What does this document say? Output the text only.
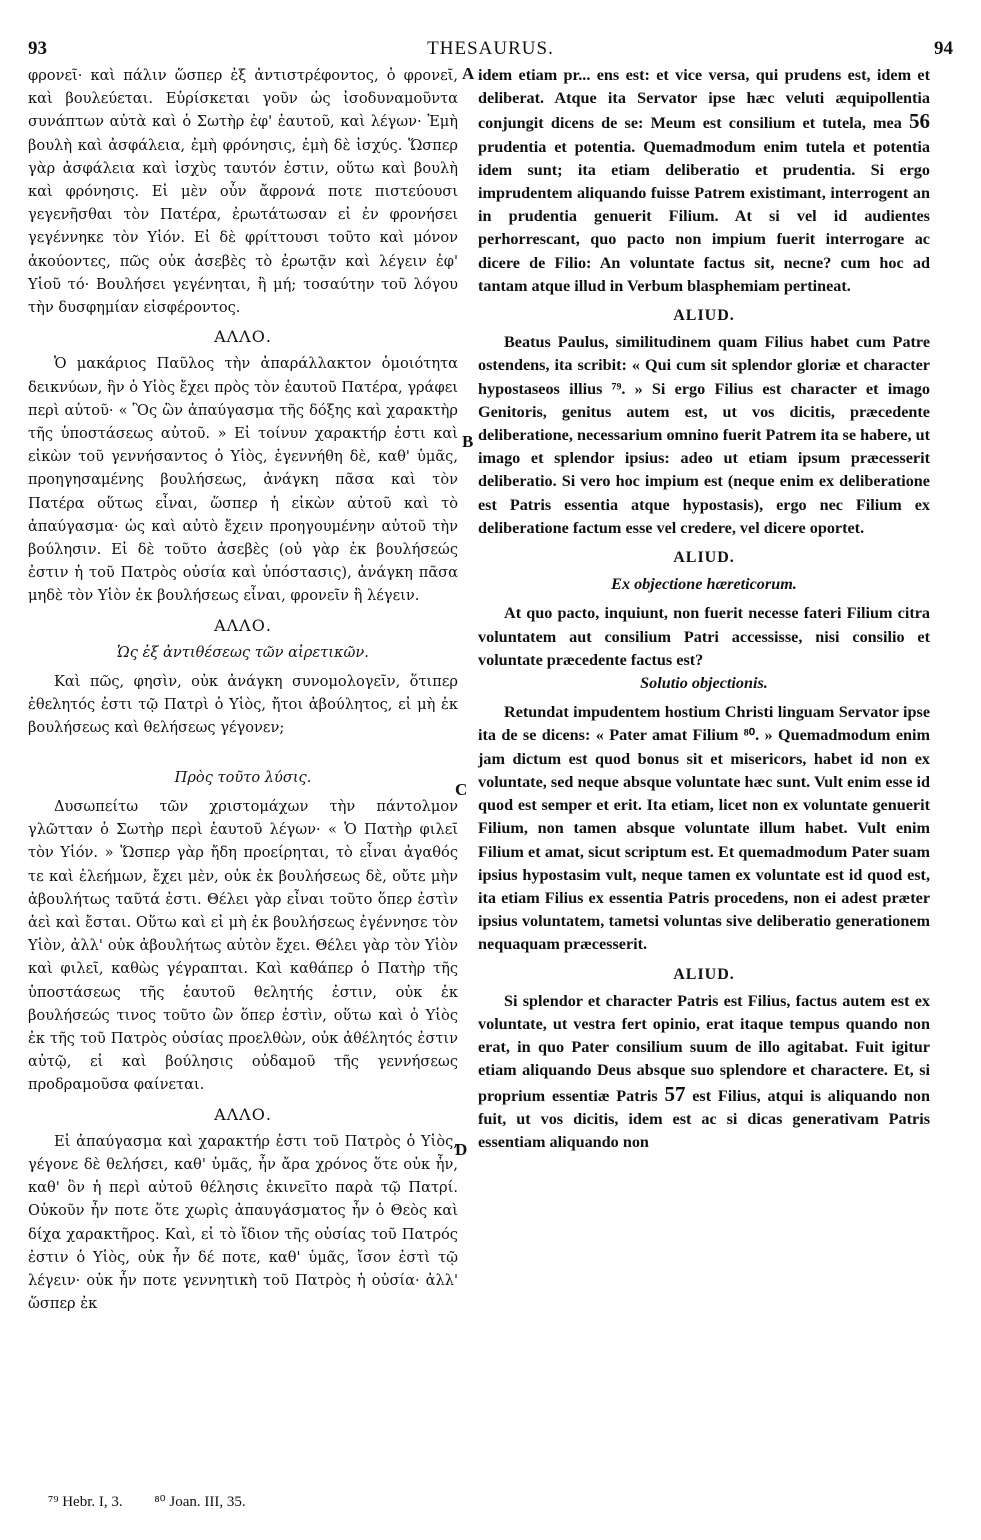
93	THESAURUS.	94
A
B
C
D

φρονεῖ· καὶ πάλιν ὥσπερ ἐξ ἀντιστρέφοντος, ὁ φρονεῖ, καὶ βουλεύεται. Εὑρίσκεται γοῦν ὡς ἰσοδυναμοῦντα συνάπτων αὐτὰ καὶ ὁ Σωτὴρ ἐφ' ἑαυτοῦ, καὶ λέγων· Ἐμὴ βουλὴ καὶ ἀσφάλεια, ἐμὴ φρόνησις, ἐμὴ δὲ ἰσχύς. Ὥσπερ γὰρ ἀσφάλεια καὶ ἰσχὺς ταυτόν ἐστιν, οὕτω καὶ βουλὴ καὶ φρόνησις. Εἰ μὲν οὖν ἄφρονά ποτε πιστεύουσι γεγενῆσθαι τὸν Πατέρα, ἐρωτάτωσαν εἰ ἐν φρονήσει γεγέννηκε τὸν Υἱόν. Εἰ δὲ φρίττουσι τοῦτο καὶ μόνον ἀκούοντες, πῶς οὐκ ἀσεβὲς τὸ ἐρωτᾷν καὶ λέγειν ἐφ' Υἱοῦ τό· Βουλήσει γεγένηται, ἢ μή; τοσαύτην τοῦ λόγου τὴν δυσφημίαν εἰσφέροντος.

ΑΛΛΟ.

Ὁ μακάριος Παῦλος τὴν ἀπαράλλακτον ὁμοιότητα δεικνύων, ἣν ὁ Υἱὸς ἔχει πρὸς τὸν ἑαυτοῦ Πατέρα, γράφει περὶ αὐτοῦ· « Ὃς ὢν ἀπαύγασμα τῆς δόξης καὶ χαρακτὴρ τῆς ὑποστάσεως αὐτοῦ. » Εἰ τοίνυν χαρακτήρ ἐστι καὶ εἰκὼν τοῦ γεννήσαντος ὁ Υἱὸς, ἐγεννήθη δὲ, καθ' ὑμᾶς, προηγησαμένης βουλήσεως, ἀνάγκη πᾶσα καὶ τὸν Πατέρα οὕτως εἶναι, ὥσπερ ἡ εἰκὼν αὐτοῦ καὶ τὸ ἀπαύγασμα· ὡς καὶ αὐτὸ ἔχειν προηγουμένην αὐτοῦ τὴν βούλησιν. Εἰ δὲ τοῦτο ἀσεβὲς (οὐ γὰρ ἐκ βουλήσεώς ἐστιν ἡ τοῦ Πατρὸς οὐσία καὶ ὑπόστασις), ἀνάγκη πᾶσα μηδὲ τὸν Υἱὸν ἐκ βουλήσεως εἶναι, φρονεῖν ἢ λέγειν.

ΑΛΛΟ.
Ὡς ἐξ ἀντιθέσεως τῶν αἱρετικῶν.

Καὶ πῶς, φησὶν, οὐκ ἀνάγκη συνομολογεῖν, ὅτιπερ ἐθελητός ἐστι τῷ Πατρὶ ὁ Υἱὸς, ἤτοι ἀβούλητος, εἰ μὴ ἐκ βουλήσεως καὶ θελήσεως γέγονεν;

Πρὸς τοῦτο λύσις.

Δυσωπείτω τῶν χριστομάχων τὴν πάντολμον γλῶτταν ὁ Σωτὴρ περὶ ἑαυτοῦ λέγων· « Ὁ Πατὴρ φιλεῖ τὸν Υἱόν. » Ὥσπερ γὰρ ἤδη προείρηται, τὸ εἶναι ἀγαθός τε καὶ ἐλεήμων, ἔχει μὲν, οὐκ ἐκ βουλήσεως δὲ, οὔτε μὴν ἀβουλήτως ταῦτά ἐστι. Θέλει γὰρ εἶναι τοῦτο ὅπερ ἐστὶν ἀεὶ καὶ ἔσται. Οὕτω καὶ εἰ μὴ ἐκ βουλήσεως ἐγέννησε τὸν Υἱὸν, ἀλλ' οὐκ ἀβουλήτως αὐτὸν ἔχει. Θέλει γὰρ τὸν Υἱὸν καὶ φιλεῖ, καθὼς γέγραπται. Καὶ καθάπερ ὁ Πατὴρ τῆς ὑποστάσεως τῆς ἑαυτοῦ θελητής ἐστιν, οὐκ ἐκ βουλήσεώς τινος τοῦτο ὢν ὅπερ ἐστὶν, οὕτω καὶ ὁ Υἱὸς ἐκ τῆς τοῦ Πατρὸς οὐσίας προελθὼν, οὐκ ἀθέλητός ἐστιν αὐτῷ, εἰ καὶ βούλησις οὐδαμοῦ τῆς γεννήσεως προδραμοῦσα φαίνεται.

ΑΛΛΟ.

Εἰ ἀπαύγασμα καὶ χαρακτήρ ἐστι τοῦ Πατρὸς ὁ Υἱὸς, γέγονε δὲ θελήσει, καθ' ὑμᾶς, ἦν ἄρα χρόνος ὅτε οὐκ ἦν, καθ' ὃν ἡ περὶ αὐτοῦ θέλησις ἐκινεῖτο παρὰ τῷ Πατρί. Οὐκοῦν ἦν ποτε ὅτε χωρὶς ἀπαυγάσματος ἦν ὁ Θεὸς καὶ δίχα χαρακτῆρος. Καὶ, εἰ τὸ ἴδιον τῆς οὐσίας τοῦ Πατρός ἐστιν ὁ Υἱὸς, οὐκ ἦν δέ ποτε, καθ' ὑμᾶς, ἴσον ἐστὶ τῷ λέγειν· οὐκ ἦν ποτε γεννητικὴ τοῦ Πατρὸς ἡ οὐσία· ἀλλ' ὥσπερ ἐκ

idem etiam pr... ens est: et vice versa, qui prudens est, idem et deliberat. Atque ita Servator ipse hæc veluti æquipollentia conjungit dicens de se: Meum est consilium et tutela, mea 56 prudentia et potentia. Quemadmodum enim tutela et potentia idem sunt; ita etiam deliberatio et prudentia. Si ergo imprudentem aliquando fuisse Patrem existimant, interrogent an in prudentia genuerit Filium. At si vel id audientes perhorrescant, quo pacto non impium fuerit interrogare ac dicere de Filio: An voluntate factus sit, necne? cum hoc ad tantam atque illud in Verbum blasphemiam pertineat.

ALIUD.

Beatus Paulus, similitudinem quam Filius habet cum Patre ostendens, ita scribit: « Qui cum sit splendor gloriæ et character hypostaseos illius ⁷⁹. » Si ergo Filius est character et imago Genitoris, genitus autem est, ut vos dicitis, præcedente deliberatione, necessarium omnino fuerit Patrem ita se habere, ut imago et splendor ipsius: adeo ut etiam ipsum præcesserit deliberatio. Si vero hoc impium est (neque enim ex deliberatione est Patris essentia atque hypostasis), ergo nec Filium ex deliberatione factum esse vel credere, vel dicere oportet.

ALIUD.
Ex objectione hæreticorum.

At quo pacto, inquiunt, non fuerit necesse fateri Filium citra voluntatem aut consilium Patri accessisse, nisi consilio et voluntate præcedente factus est?

Solutio objectionis.

Retundat impudentem hostium Christi linguam Servator ipse ita de se dicens: « Pater amat Filium ⁸⁰. » Quemadmodum enim jam dictum est quod bonus sit et misericors, habet id non ex voluntate, sed neque absque voluntate hæc sunt. Vult enim esse id quod est semper et erit. Ita etiam, licet non ex voluntate genuerit Filium, non tamen absque voluntate illum habet. Vult enim Filium et amat, sicut scriptum est. Et quemadmodum Pater suam ipsius hypostasim vult, neque tamen ex voluntate est id quod est, ita etiam Filius ex essentia Patris procedens, non ei adest præter ipsius voluntatem, tametsi voluntas sive deliberatio generationem nequaquam præcesserit.

ALIUD.

Si splendor et character Patris est Filius, factus autem est ex voluntate, ut vestra fert opinio, erat itaque tempus quando non erat, in quo Pater consilium suum de illo agitabat. Fuit igitur etiam aliquando Deus absque suo splendore et charactere. Et, si proprium essentiæ Patris 57 est Filius, atqui is aliquando non fuit, ut vos dicitis, idem est ac si dicas generativam Patris essentiam aliquando non

⁷⁹ Hebr. I, 3. ⁸⁰ Joan. III, 35.
